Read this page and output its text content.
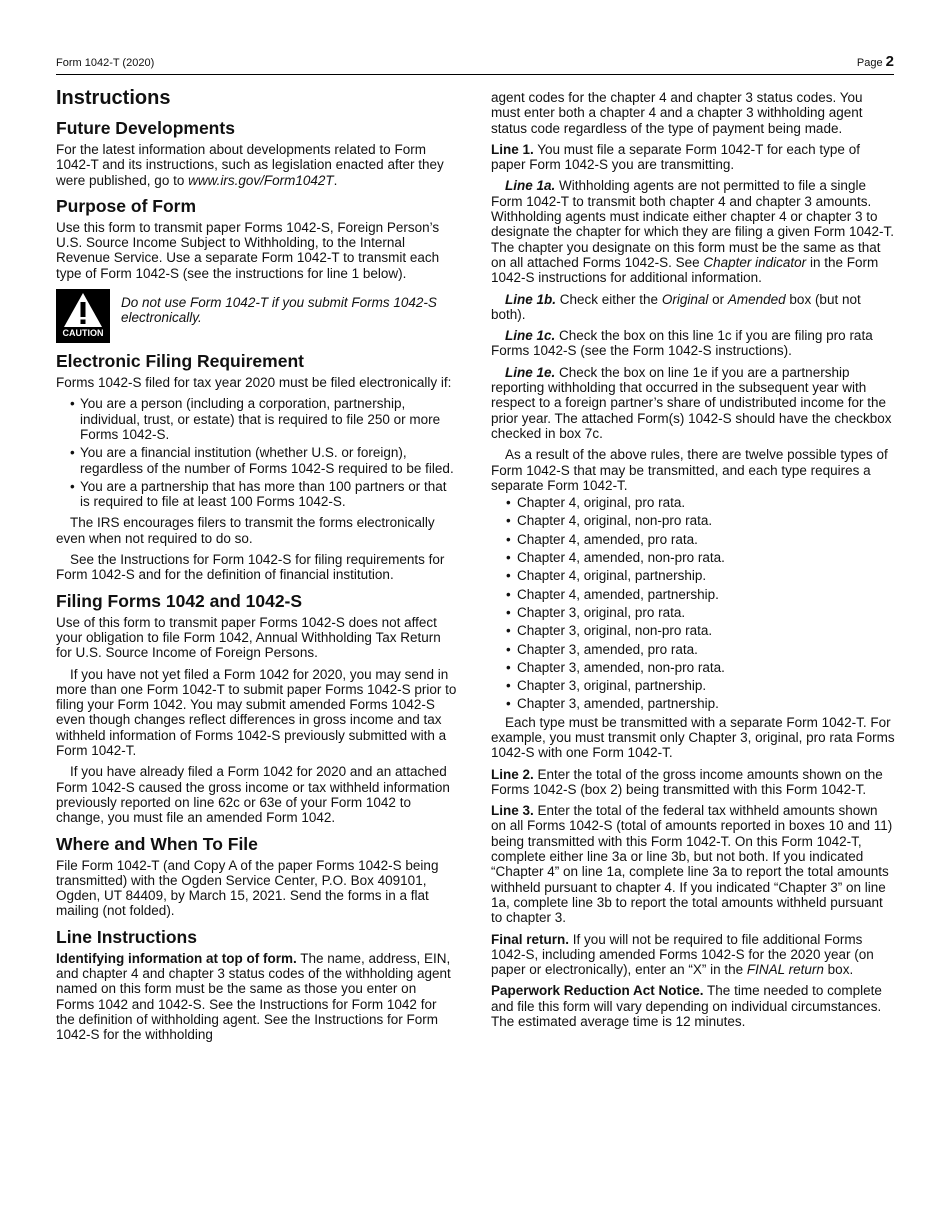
Form 1042-T (2020)	Page 2
Instructions
Future Developments

For the latest information about developments related to Form 1042-T and its instructions, such as legislation enacted after they were published, go to www.irs.gov/Form1042T.

Purpose of Form

Use this form to transmit paper Forms 1042-S, Foreign Person’s U.S. Source Income Subject to Withholding, to the Internal Revenue Service. Use a separate Form 1042-T to transmit each type of Form 1042-S (see the instructions for line 1 below).

CAUTION
Do not use Form 1042-T if you submit Forms 1042-S electronically.
Electronic Filing Requirement

Forms 1042-S filed for tax year 2020 must be filed electronically if:

• You are a person (including a corporation, partnership, individual, trust, or estate) that is required to file 250 or more Forms 1042-S.
• You are a financial institution (whether U.S. or foreign), regardless of the number of Forms 1042-S required to be filed.
• You are a partnership that has more than 100 partners or that is required to file at least 100 Forms 1042-S.

The IRS encourages filers to transmit the forms electronically even when not required to do so.

See the Instructions for Form 1042-S for filing requirements for Form 1042-S and for the definition of financial institution.

Filing Forms 1042 and 1042-S

Use of this form to transmit paper Forms 1042-S does not affect your obligation to file Form 1042, Annual Withholding Tax Return for U.S. Source Income of Foreign Persons.

If you have not yet filed a Form 1042 for 2020, you may send in more than one Form 1042-T to submit paper Forms 1042-S prior to filing your Form 1042. You may submit amended Forms 1042-S even though changes reflect differences in gross income and tax withheld information of Forms 1042-S previously submitted with a Form 1042-T.

If you have already filed a Form 1042 for 2020 and an attached Form 1042-S caused the gross income or tax withheld information previously reported on line 62c or 63e of your Form 1042 to change, you must file an amended Form 1042.

Where and When To File

File Form 1042-T (and Copy A of the paper Forms 1042-S being transmitted) with the Ogden Service Center, P.O. Box 409101, Ogden, UT 84409, by March 15, 2021. Send the forms in a flat mailing (not folded).

Line Instructions

Identifying information at top of form. The name, address, EIN, and chapter 4 and chapter 3 status codes of the withholding agent named on this form must be the same as those you enter on Forms 1042 and 1042-S. See the Instructions for Form 1042 for the definition of withholding agent. See the Instructions for Form 1042-S for the withholding

agent codes for the chapter 4 and chapter 3 status codes. You must enter both a chapter 4 and a chapter 3 withholding agent status code regardless of the type of payment being made.

Line 1. You must file a separate Form 1042-T for each type of paper Form 1042-S you are transmitting.

Line 1a. Withholding agents are not permitted to file a single Form 1042-T to transmit both chapter 4 and chapter 3 amounts. Withholding agents must indicate either chapter 4 or chapter 3 to designate the chapter for which they are filing a given Form 1042-T. The chapter you designate on this form must be the same as that on all attached Forms 1042-S. See Chapter indicator in the Form 1042-S instructions for additional information.

Line 1b. Check either the Original or Amended box (but not both).

Line 1c. Check the box on this line 1c if you are filing pro rata Forms 1042-S (see the Form 1042-S instructions).

Line 1e. Check the box on line 1e if you are a partnership reporting withholding that occurred in the subsequent year with respect to a foreign partner’s share of undistributed income for the prior year. The attached Form(s) 1042-S should have the checkbox checked in box 7c.

As a result of the above rules, there are twelve possible types of Form 1042-S that may be transmitted, and each type requires a separate Form 1042-T.

• Chapter 4, original, pro rata.
• Chapter 4, original, non-pro rata.
• Chapter 4, amended, pro rata.
• Chapter 4, amended, non-pro rata.
• Chapter 4, original, partnership.
• Chapter 4, amended, partnership.
• Chapter 3, original, pro rata.
• Chapter 3, original, non-pro rata.
• Chapter 3, amended, pro rata.
• Chapter 3, amended, non-pro rata.
• Chapter 3, original, partnership.
• Chapter 3, amended, partnership.

Each type must be transmitted with a separate Form 1042-T. For example, you must transmit only Chapter 3, original, pro rata Forms 1042-S with one Form 1042-T.

Line 2. Enter the total of the gross income amounts shown on the Forms 1042-S (box 2) being transmitted with this Form 1042-T.

Line 3. Enter the total of the federal tax withheld amounts shown on all Forms 1042-S (total of amounts reported in boxes 10 and 11) being transmitted with this Form 1042-T. On this Form 1042-T, complete either line 3a or line 3b, but not both. If you indicated “Chapter 4” on line 1a, complete line 3a to report the total amounts withheld pursuant to chapter 4. If you indicated “Chapter 3” on line 1a, complete line 3b to report the total amounts withheld pursuant to chapter 3.

Final return. If you will not be required to file additional Forms 1042-S, including amended Forms 1042-S for the 2020 year (on paper or electronically), enter an “X” in the FINAL return box.

Paperwork Reduction Act Notice. The time needed to complete and file this form will vary depending on individual circumstances. The estimated average time is 12 minutes.
